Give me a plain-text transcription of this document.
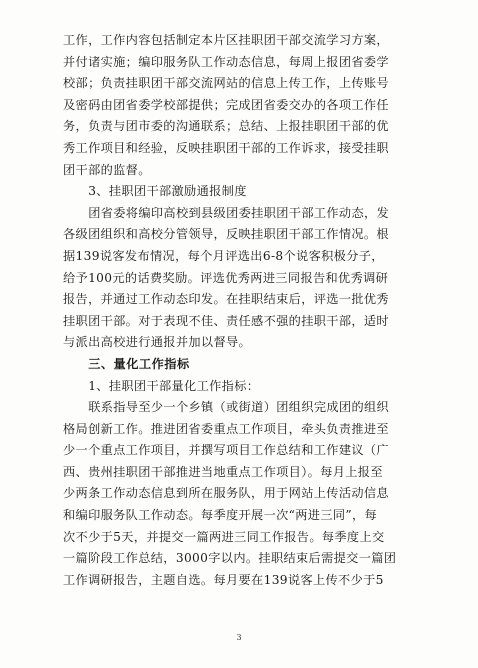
工作，工作内容包括制定本片区挂职团干部交流学习方案，
并付诸实施；编印服务队工作动态信息，每周上报团省委学
校部；负责挂职团干部交流网站的信息上传工作，上传账号
及密码由团省委学校部提供；完成团省委交办的各项工作任
务，负责与团市委的沟通联系；总结、上报挂职团干部的优
秀工作项目和经验，反映挂职团干部的工作诉求，接受挂职
团干部的监督。
3、挂职团干部激励通报制度
团省委将编印高校到县级团委挂职团干部工作动态，发
各级团组织和高校分管领导，反映挂职团干部工作情况。根
据139说客发布情况，每个月评选出6-8个说客积极分子，
给予100元的话费奖励。评选优秀两进三同报告和优秀调研
报告，并通过工作动态印发。在挂职结束后，评选一批优秀
挂职团干部。对于表现不佳、责任感不强的挂职干部，适时
与派出高校进行通报并加以督导。
三、量化工作指标
1、挂职团干部量化工作指标：
联系指导至少一个乡镇（或街道）团组织完成团的组织
格局创新工作。推进团省委重点工作项目，牵头负责推进至
少一个重点工作项目，并撰写项目工作总结和工作建议（广
西、贵州挂职团干部推进当地重点工作项目）。每月上报至
少两条工作动态信息到所在服务队，用于网站上传活动信息
和编印服务队工作动态。每季度开展一次“两进三同”，每
次不少于5天，并提交一篇两进三同工作报告。每季度上交
一篇阶段工作总结，3000字以内。挂职结束后需提交一篇团
工作调研报告，主题自选。每月要在139说客上传不少于5
3
